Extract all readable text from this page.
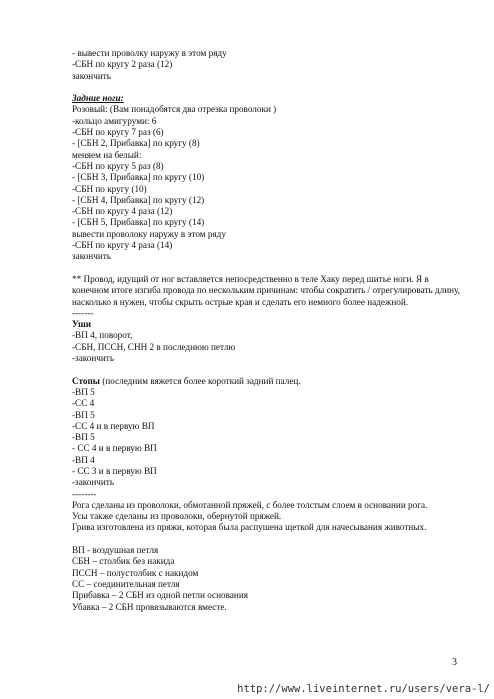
- вывести проволку наружу в этом ряду
-СБН по кругу 2 раза (12)
закончить
Задние ноги:
Розовый: (Вам понадобятся два отрезка проволоки )
-кольцо амигуруми: 6
-СБН по кругу 7 раз (6)
- [СБН 2, Прибавка] по кругу (8)
меняем на белый:
-СБН по кругу 5 раз (8)
- [СБН 3, Прибавка] по кругу (10)
-СБН по кругу (10)
- [СБН 4, Прибавка] по кругу (12)
-СБН по кругу 4 раза (12)
- [СБН 5, Прибавка] по кругу (14)
вывести проволоку наружу в этом ряду
-СБН по кругу 4 раза (14)
закончить
** Провод, идущий от ног вставляется непосредственно в теле Хаку перед шитье ноги. Я в конечном итоге изгиба провода по нескольким причинам: чтобы сократить / отрегулировать длину, насколько я нужен, чтобы скрыть острые края и сделать его немного более надежной.
-------
Уши
-ВП 4, поворот,
-СБН, ПССН, СНН 2 в последнюю петлю
-закончить
Стопы (последним вяжется более короткий задний палец.
-ВП 5
-СС 4
-ВП 5
-СС 4 и в первую ВП
-ВП 5
- СС 4 и в первую ВП
-ВП 4
- СС 3 и в первую ВП
-закончить
--------
Рога сделаны из проволоки, обмотанной пряжей, с более толстым слоем в основании рога.
Усы также сделаны из проволоки, обернутой пряжей.
Грива изготовлена из пряжи, которая была распушена щеткой для начесывания животных.
ВП - воздушная петля
СБН – столбик без накида
ПССН – полустолбик с накидом
СС – соединительная петля
Прибавка – 2 СБН из одной петли основания
Убавка – 2 СБН провязываются вместе.
3
http://www.liveinternet.ru/users/vera-l/
